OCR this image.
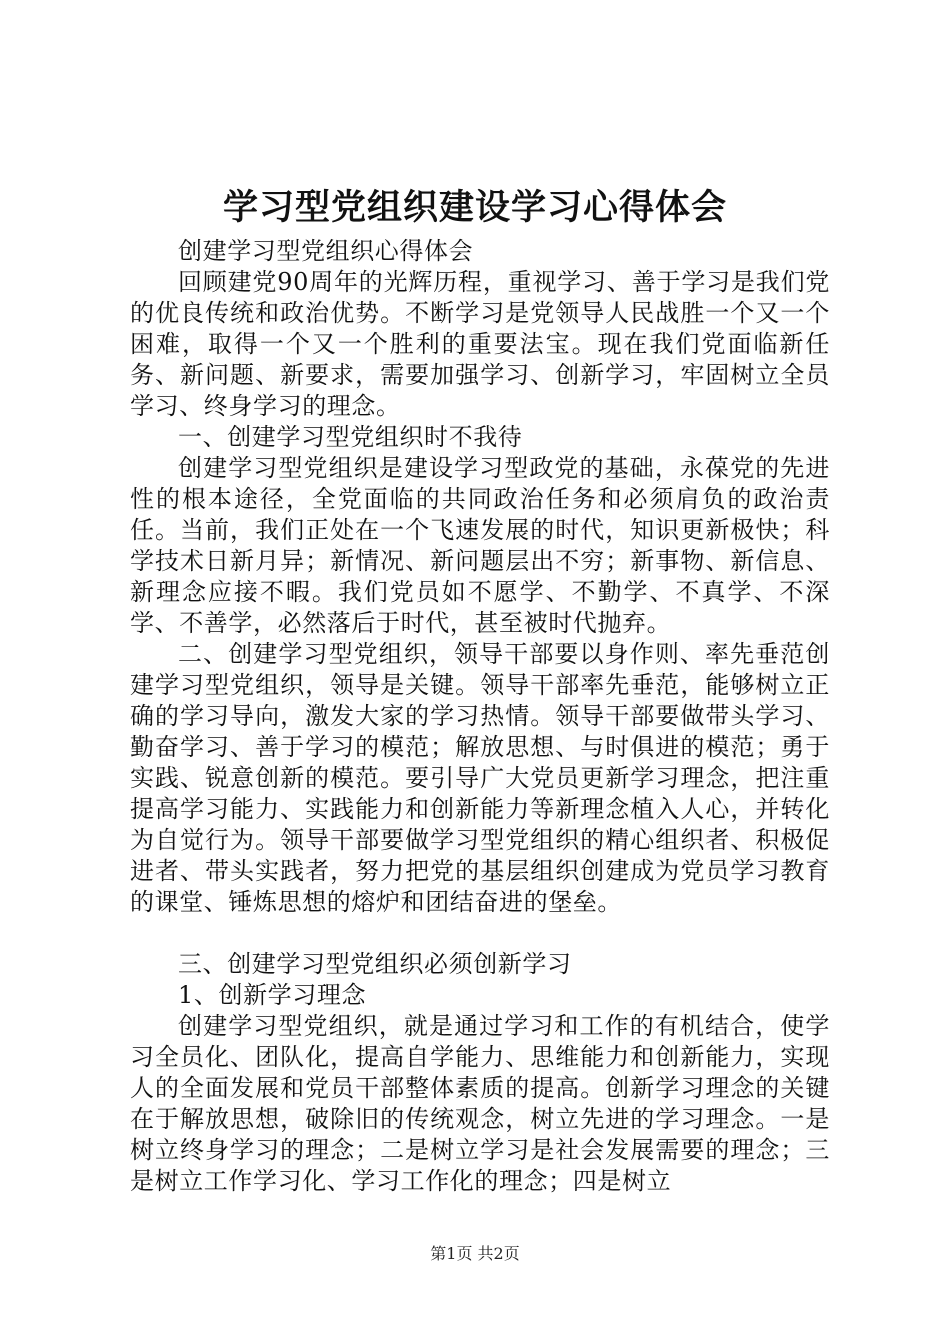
学习型党组织建设学习心得体会

创建学习型党组织心得体会

回顾建党90周年的光辉历程，重视学习、善于学习是我们党的优良传统和政治优势。不断学习是党领导人民战胜一个又一个困难，取得一个又一个胜利的重要法宝。现在我们党面临新任务、新问题、新要求，需要加强学习、创新学习，牢固树立全员学习、终身学习的理念。

一、创建学习型党组织时不我待

创建学习型党组织是建设学习型政党的基础，永葆党的先进性的根本途径，全党面临的共同政治任务和必须肩负的政治责任。当前，我们正处在一个飞速发展的时代，知识更新极快；科学技术日新月异；新情况、新问题层出不穷；新事物、新信息、新理念应接不暇。我们党员如不愿学、不勤学、不真学、不深学、不善学，必然落后于时代，甚至被时代抛弃。

二、创建学习型党组织，领导干部要以身作则、率先垂范创建学习型党组织，领导是关键。领导干部率先垂范，能够树立正确的学习导向，激发大家的学习热情。领导干部要做带头学习、勤奋学习、善于学习的模范；解放思想、与时俱进的模范；勇于实践、锐意创新的模范。要引导广大党员更新学习理念，把注重提高学习能力、实践能力和创新能力等新理念植入人心，并转化为自觉行为。领导干部要做学习型党组织的精心组织者、积极促进者、带头实践者，努力把党的基层组织创建成为党员学习教育的课堂、锤炼思想的熔炉和团结奋进的堡垒。

三、创建学习型党组织必须创新学习

1、创新学习理念

创建学习型党组织，就是通过学习和工作的有机结合，使学习全员化、团队化，提高自学能力、思维能力和创新能力，实现人的全面发展和党员干部整体素质的提高。创新学习理念的关键在于解放思想，破除旧的传统观念，树立先进的学习理念。一是树立终身学习的理念；二是树立学习是社会发展需要的理念；三是树立工作学习化、学习工作化的理念；四是树立

第1页 共2页
